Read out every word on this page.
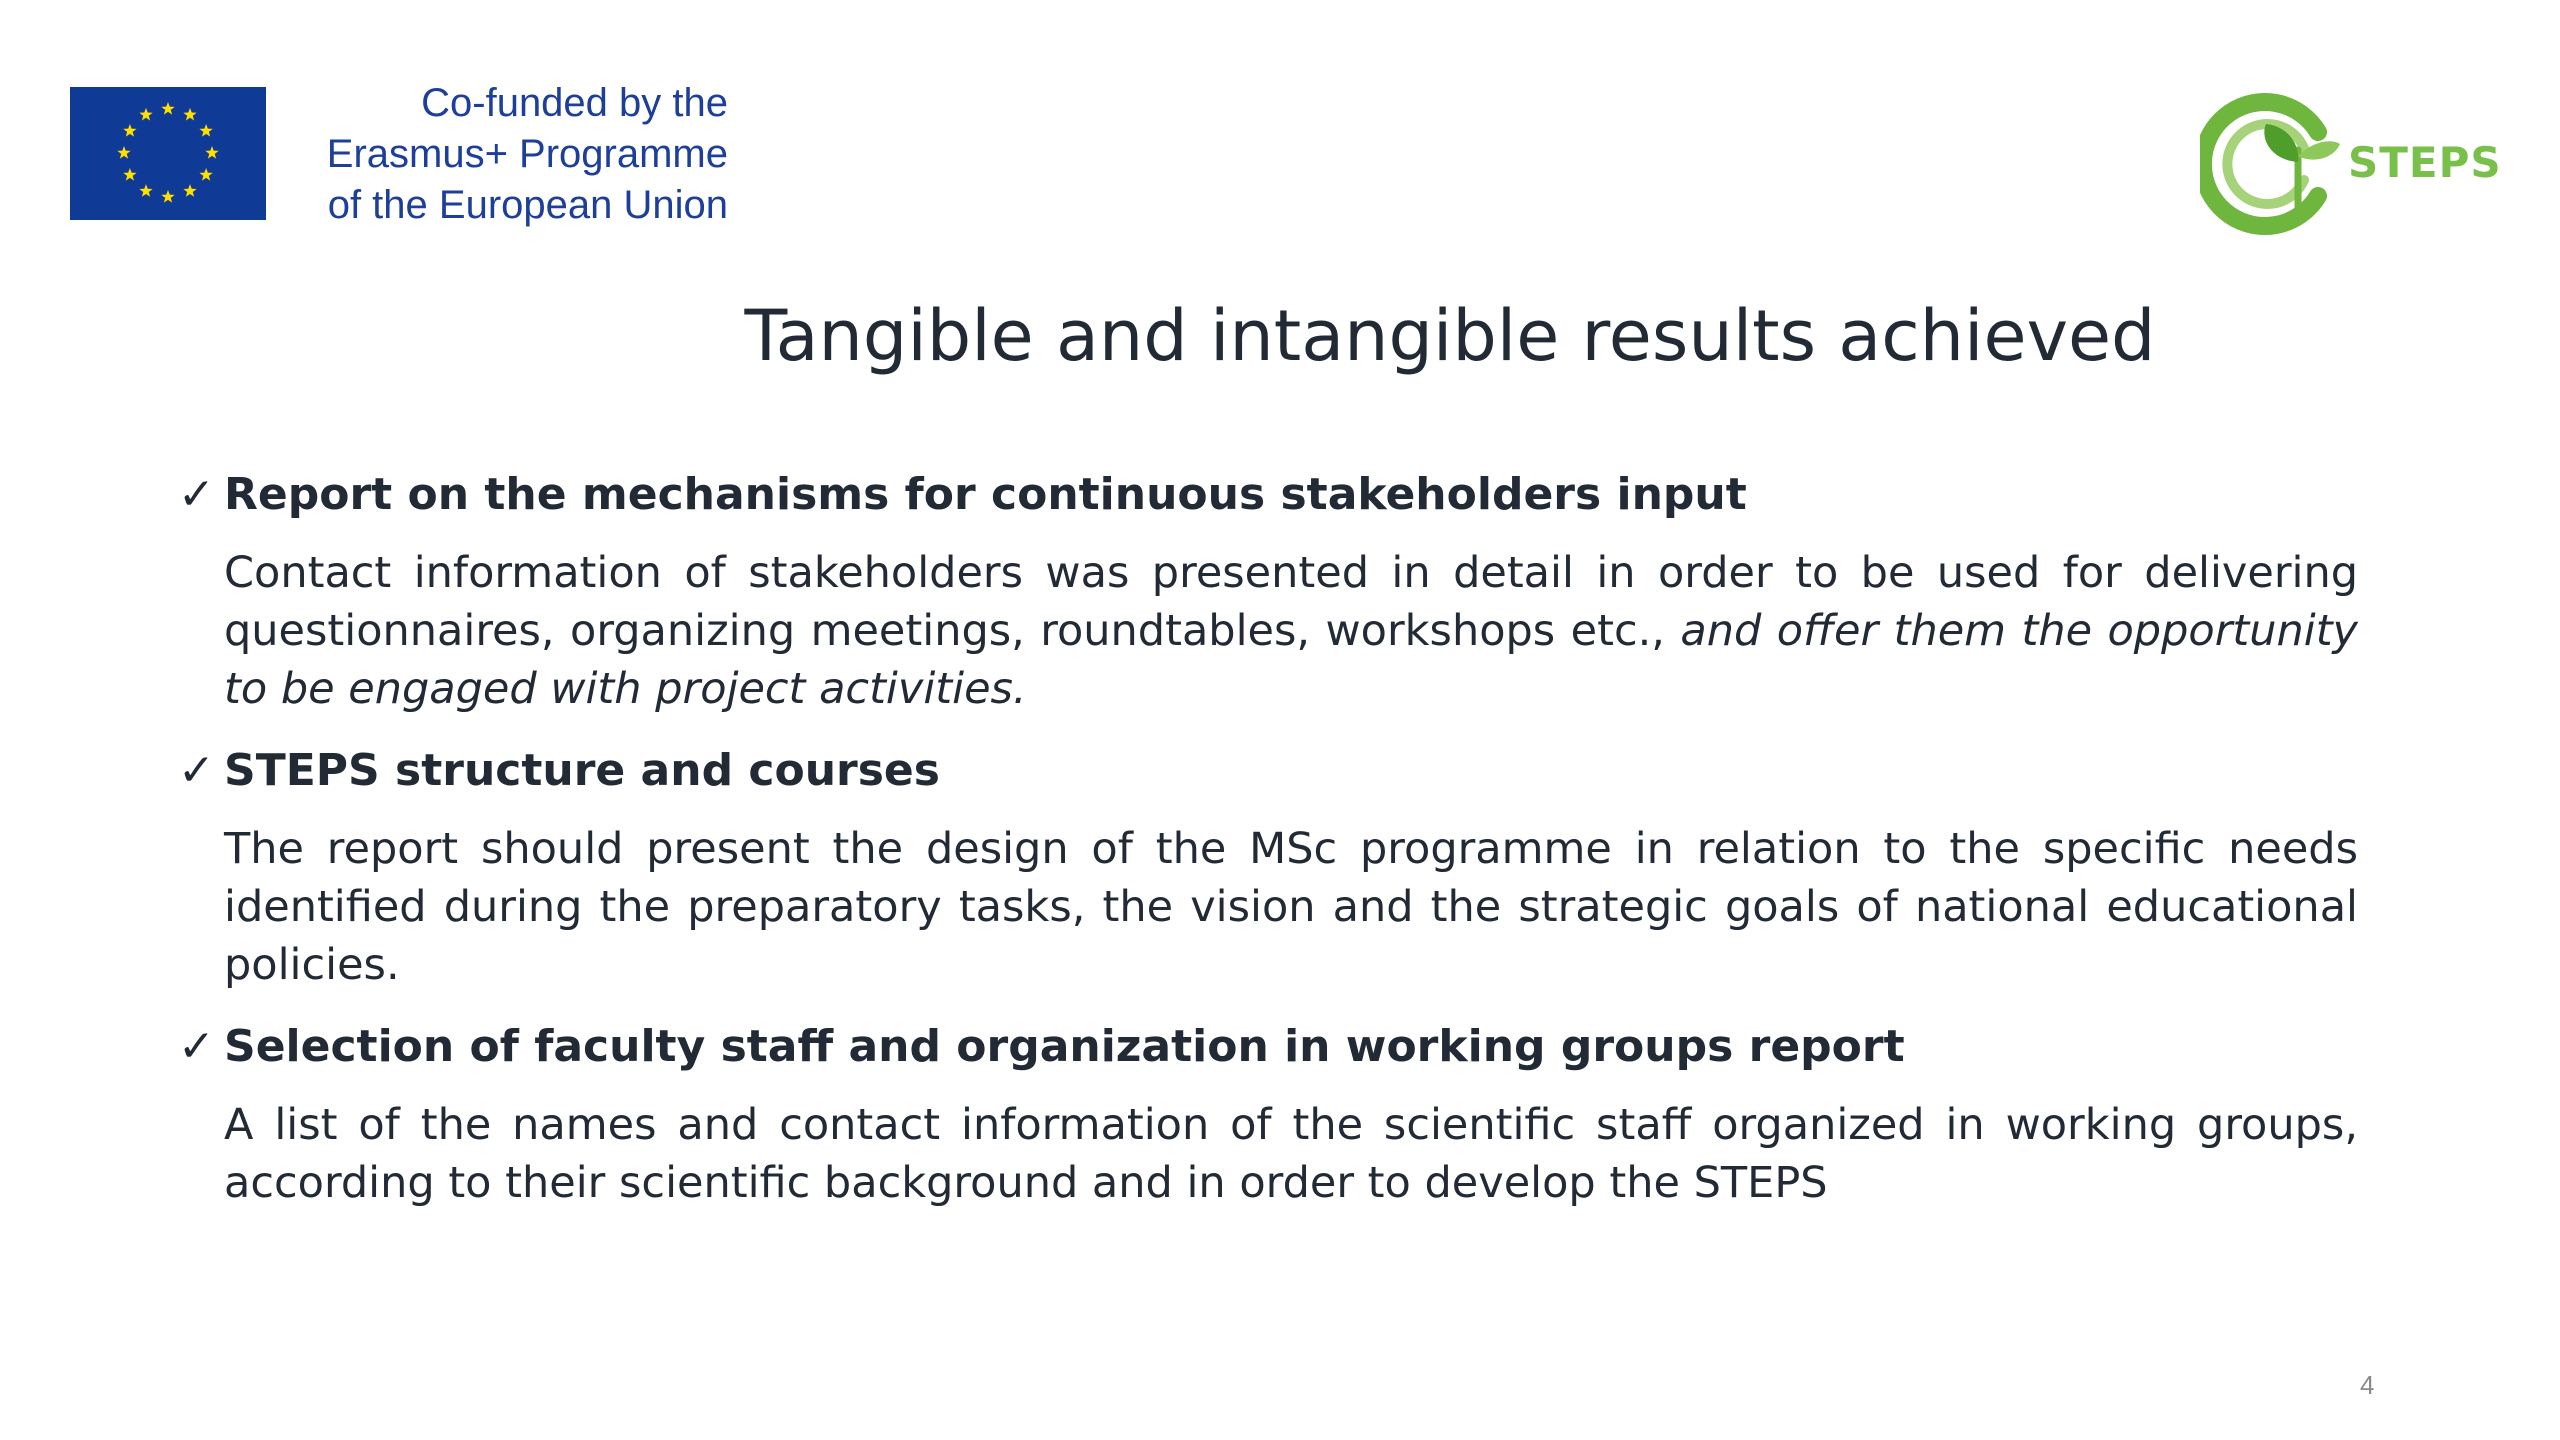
Co-funded by the
Erasmus+ Programme
of the European Union
STEPS
Tangible and intangible results achieved
✓ Report on the mechanisms for continuous stakeholders input
Contact information of stakeholders was presented in detail in order to be used for delivering questionnaires, organizing meetings, roundtables, workshops etc., and offer them the opportunity to be engaged with project activities.
✓ STEPS structure and courses
The report should present the design of the MSc programme in relation to the specific needs identified during the preparatory tasks, the vision and the strategic goals of national educational policies.
✓ Selection of faculty staff and organization in working groups report
A list of the names and contact information of the scientific staff organized in working groups, according to their scientific background and in order to develop the STEPS
4
